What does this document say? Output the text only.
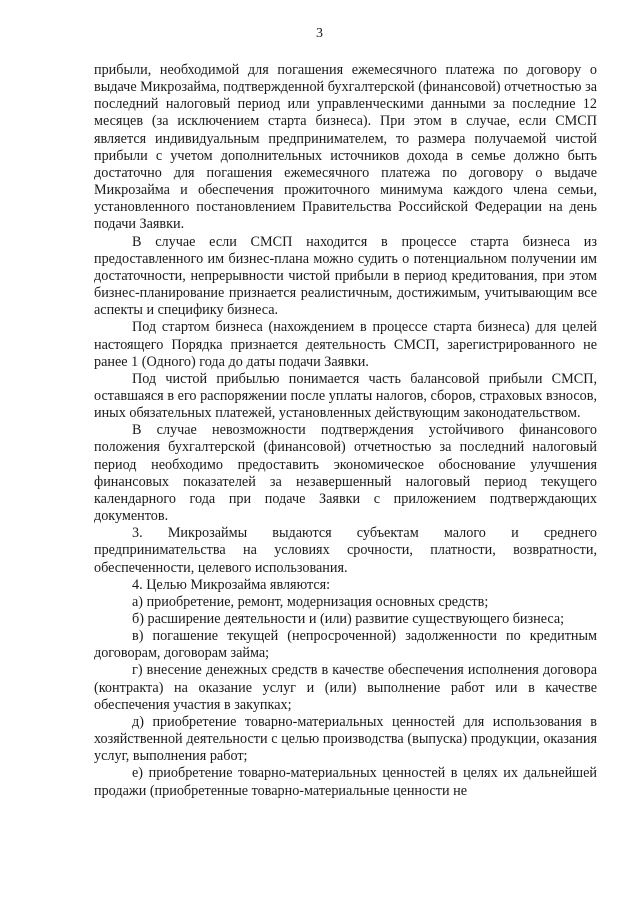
3

прибыли, необходимой для погашения ежемесячного платежа по договору о выдаче Микрозайма, подтвержденной бухгалтерской (финансовой) отчетностью за последний налоговый период или управленческими данными за последние 12 месяцев (за исключением старта бизнеса). При этом в случае, если СМСП является индивидуальным предпринимателем, то размера получаемой чистой прибыли с учетом дополнительных источников дохода в семье должно быть достаточно для погашения ежемесячного платежа по договору о выдаче Микрозайма и обеспечения прожиточного минимума каждого члена семьи, установленного постановлением Правительства Российской Федерации на день подачи Заявки.

В случае если СМСП находится в процессе старта бизнеса из предоставленного им бизнес-плана можно судить о потенциальном получении им достаточности, непрерывности чистой прибыли в период кредитования, при этом бизнес-планирование признается реалистичным, достижимым, учитывающим все аспекты и специфику бизнеса.

Под стартом бизнеса (нахождением в процессе старта бизнеса) для целей настоящего Порядка признается деятельность СМСП, зарегистрированного не ранее 1 (Одного) года до даты подачи Заявки.

Под чистой прибылью понимается часть балансовой прибыли СМСП, оставшаяся в его распоряжении после уплаты налогов, сборов, страховых взносов, иных обязательных платежей, установленных действующим законодательством.

В случае невозможности подтверждения устойчивого финансового положения бухгалтерской (финансовой) отчетностью за последний налоговый период необходимо предоставить экономическое обоснование улучшения финансовых показателей за незавершенный налоговый период текущего календарного года при подаче Заявки с приложением подтверждающих документов.

3. Микрозаймы выдаются субъектам малого и среднего предпринимательства на условиях срочности, платности, возвратности, обеспеченности, целевого использования.

4. Целью Микрозайма являются:

а) приобретение, ремонт, модернизация основных средств;

б) расширение деятельности и (или) развитие существующего бизнеса;

в) погашение текущей (непросроченной) задолженности по кредитным договорам, договорам займа;

г) внесение денежных средств в качестве обеспечения исполнения договора (контракта) на оказание услуг и (или) выполнение работ или в качестве обеспечения участия в закупках;

д) приобретение товарно-материальных ценностей для использования в хозяйственной деятельности с целью производства (выпуска) продукции, оказания услуг, выполнения работ;

е) приобретение товарно-материальных ценностей в целях их дальнейшей продажи (приобретенные товарно-материальные ценности не
